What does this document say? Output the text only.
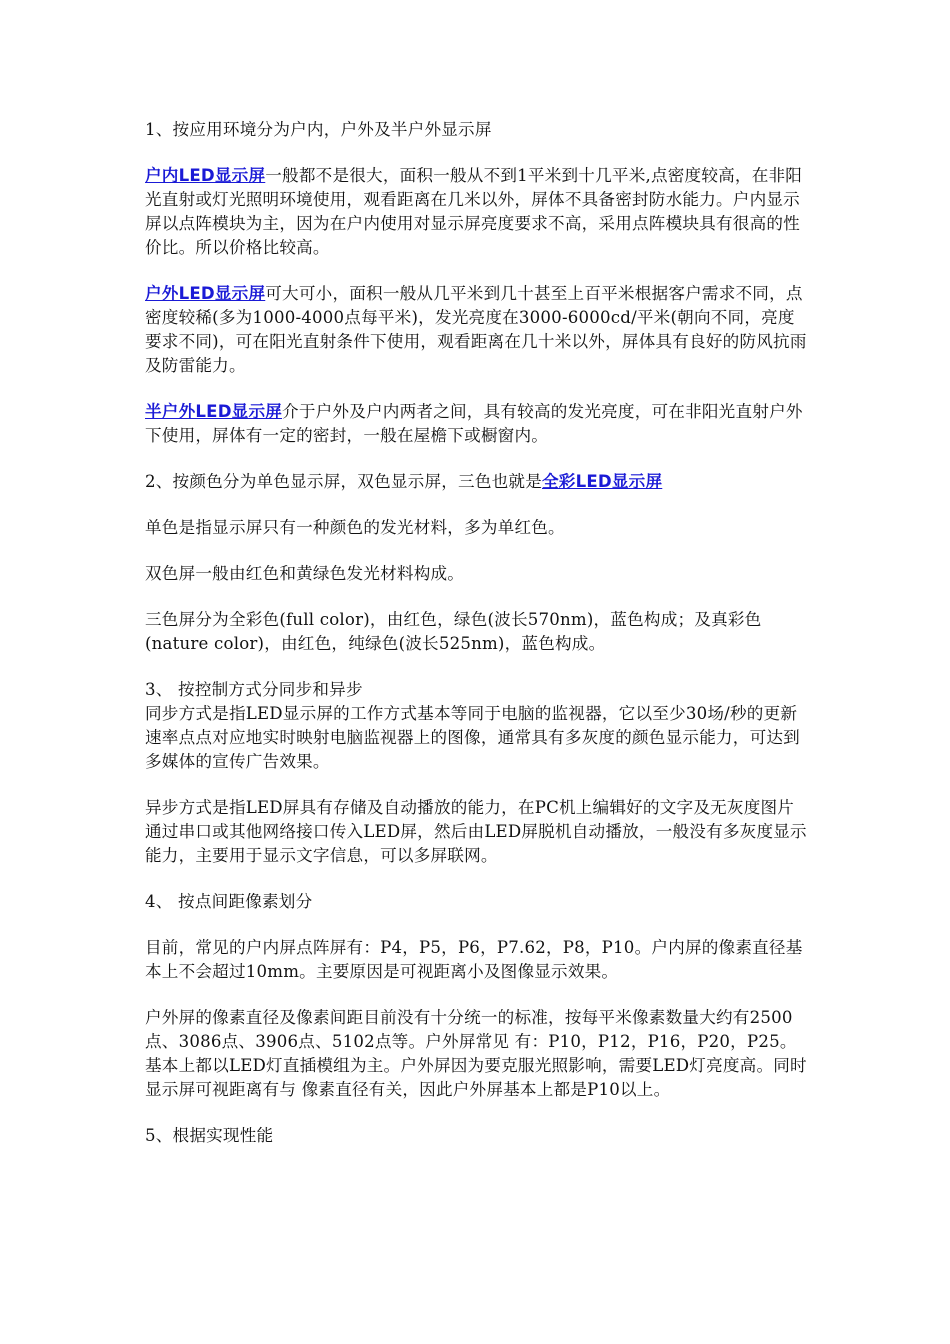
1、按应用环境分为户内，户外及半户外显示屏

户内LED显示屏一般都不是很大，面积一般从不到1平米到十几平米,点密度较高，在非阳光直射或灯光照明环境使用，观看距离在几米以外，屏体不具备密封防水能力。户内显示屏以点阵模块为主，因为在户内使用对显示屏亮度要求不高，采用点阵模块具有很高的性价比。所以价格比较高。

户外LED显示屏可大可小，面积一般从几平米到几十甚至上百平米根据客户需求不同，点密度较稀(多为1000-4000点每平米)，发光亮度在3000-6000cd/平米(朝向不同，亮度要求不同)，可在阳光直射条件下使用，观看距离在几十米以外，屏体具有良好的防风抗雨及防雷能力。

半户外LED显示屏介于户外及户内两者之间，具有较高的发光亮度，可在非阳光直射户外下使用，屏体有一定的密封，一般在屋檐下或橱窗内。

2、按颜色分为单色显示屏，双色显示屏，三色也就是全彩LED显示屏

单色是指显示屏只有一种颜色的发光材料，多为单红色。

双色屏一般由红色和黄绿色发光材料构成。

三色屏分为全彩色(full color)，由红色，绿色(波长570nm)，蓝色构成；及真彩色(nature color)，由红色，纯绿色(波长525nm)，蓝色构成。

3、 按控制方式分同步和异步

同步方式是指LED显示屏的工作方式基本等同于电脑的监视器，它以至少30场/秒的更新速率点点对应地实时映射电脑监视器上的图像，通常具有多灰度的颜色显示能力，可达到多媒体的宣传广告效果。

异步方式是指LED屏具有存储及自动播放的能力，在PC机上编辑好的文字及无灰度图片通过串口或其他网络接口传入LED屏，然后由LED屏脱机自动播放，一般没有多灰度显示能力，主要用于显示文字信息，可以多屏联网。

4、 按点间距像素划分

目前，常见的户内屏点阵屏有：P4，P5，P6，P7.62，P8，P10。户内屏的像素直径基本上不会超过10mm。主要原因是可视距离小及图像显示效果。

户外屏的像素直径及像素间距目前没有十分统一的标准，按每平米像素数量大约有2500点、3086点、3906点、5102点等。户外屏常见 有：P10，P12，P16，P20，P25。基本上都以LED灯直插模组为主。户外屏因为要克服光照影响，需要LED灯亮度高。同时显示屏可视距离有与 像素直径有关，因此户外屏基本上都是P10以上。

5、根据实现性能
